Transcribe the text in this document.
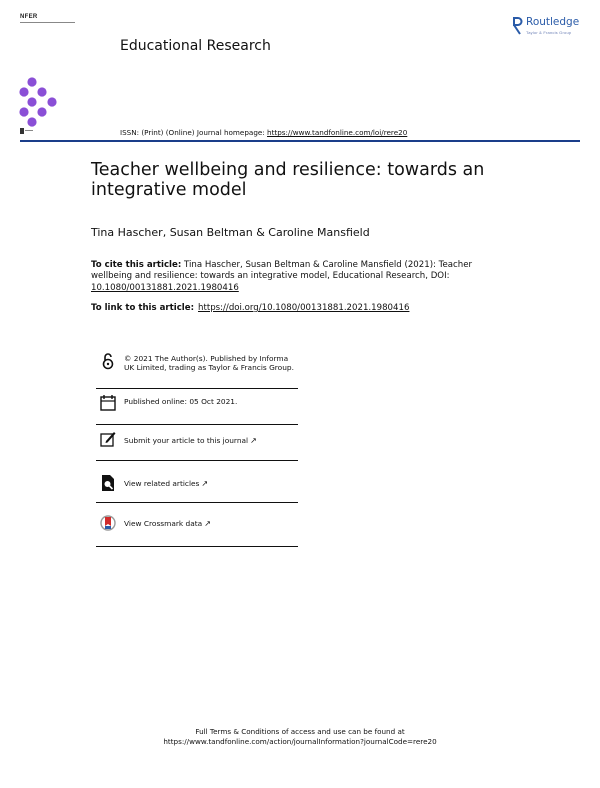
NFER
Educational Research
Routledge
Taylor & Francis Group
ISSN: (Print) (Online) Journal homepage: https://www.tandfonline.com/loi/rere20
Teacher wellbeing and resilience: towards an integrative model
Tina Hascher, Susan Beltman & Caroline Mansfield
To cite this article: Tina Hascher, Susan Beltman & Caroline Mansfield (2021): Teacher wellbeing and resilience: towards an integrative model, Educational Research, DOI: 10.1080/00131881.2021.1980416
To link to this article: https://doi.org/10.1080/00131881.2021.1980416
© 2021 The Author(s). Published by Informa UK Limited, trading as Taylor & Francis Group.
Published online: 05 Oct 2021.
Submit your article to this journal ↗
View related articles ↗
View Crossmark data ↗
Full Terms & Conditions of access and use can be found at
https://www.tandfonline.com/action/journalInformation?journalCode=rere20
